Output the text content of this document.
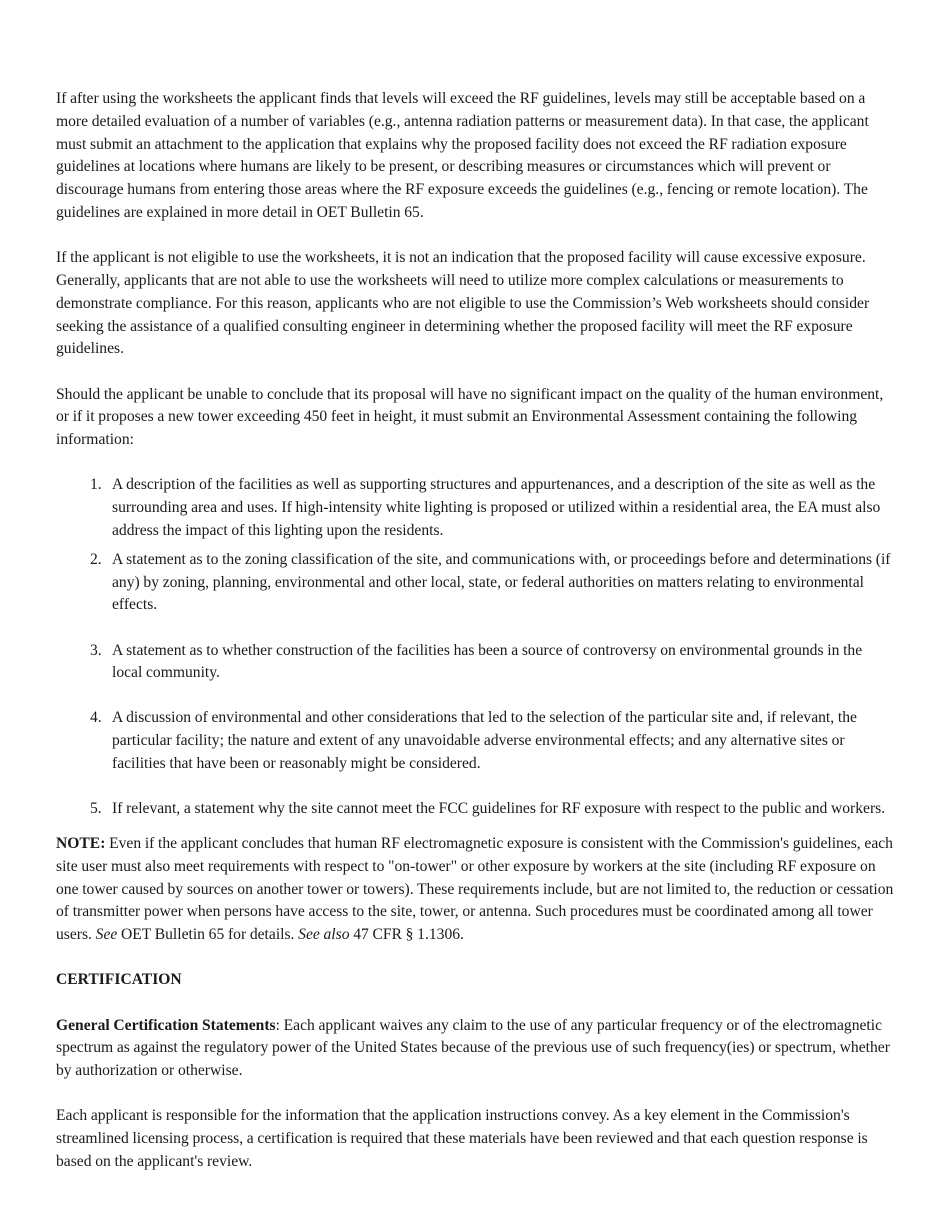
If after using the worksheets the applicant finds that levels will exceed the RF guidelines, levels may still be acceptable based on a more detailed evaluation of a number of variables (e.g., antenna radiation patterns or measurement data). In that case, the applicant must submit an attachment to the application that explains why the proposed facility does not exceed the RF radiation exposure guidelines at locations where humans are likely to be present, or describing measures or circumstances which will prevent or discourage humans from entering those areas where the RF exposure exceeds the guidelines (e.g., fencing or remote location). The guidelines are explained in more detail in OET Bulletin 65.

If the applicant is not eligible to use the worksheets, it is not an indication that the proposed facility will cause excessive exposure. Generally, applicants that are not able to use the worksheets will need to utilize more complex calculations or measurements to demonstrate compliance. For this reason, applicants who are not eligible to use the Commission’s Web worksheets should consider seeking the assistance of a qualified consulting engineer in determining whether the proposed facility will meet the RF exposure guidelines.

Should the applicant be unable to conclude that its proposal will have no significant impact on the quality of the human environment, or if it proposes a new tower exceeding 450 feet in height, it must submit an Environmental Assessment containing the following information:

1. A description of the facilities as well as supporting structures and appurtenances, and a description of the site as well as the surrounding area and uses. If high-intensity white lighting is proposed or utilized within a residential area, the EA must also address the impact of this lighting upon the residents.
2. A statement as to the zoning classification of the site, and communications with, or proceedings before and determinations (if any) by zoning, planning, environmental and other local, state, or federal authorities on matters relating to environmental effects.
3. A statement as to whether construction of the facilities has been a source of controversy on environmental grounds in the local community.
4. A discussion of environmental and other considerations that led to the selection of the particular site and, if relevant, the particular facility; the nature and extent of any unavoidable adverse environmental effects; and any alternative sites or facilities that have been or reasonably might be considered.
5. If relevant, a statement why the site cannot meet the FCC guidelines for RF exposure with respect to the public and workers.

NOTE: Even if the applicant concludes that human RF electromagnetic exposure is consistent with the Commission's guidelines, each site user must also meet requirements with respect to "on-tower" or other exposure by workers at the site (including RF exposure on one tower caused by sources on another tower or towers). These requirements include, but are not limited to, the reduction or cessation of transmitter power when persons have access to the site, tower, or antenna. Such procedures must be coordinated among all tower users. See OET Bulletin 65 for details. See also 47 CFR § 1.1306.

CERTIFICATION

General Certification Statements: Each applicant waives any claim to the use of any particular frequency or of the electromagnetic spectrum as against the regulatory power of the United States because of the previous use of such frequency(ies) or spectrum, whether by authorization or otherwise.

Each applicant is responsible for the information that the application instructions convey. As a key element in the Commission's streamlined licensing process, a certification is required that these materials have been reviewed and that each question response is based on the applicant's review.
